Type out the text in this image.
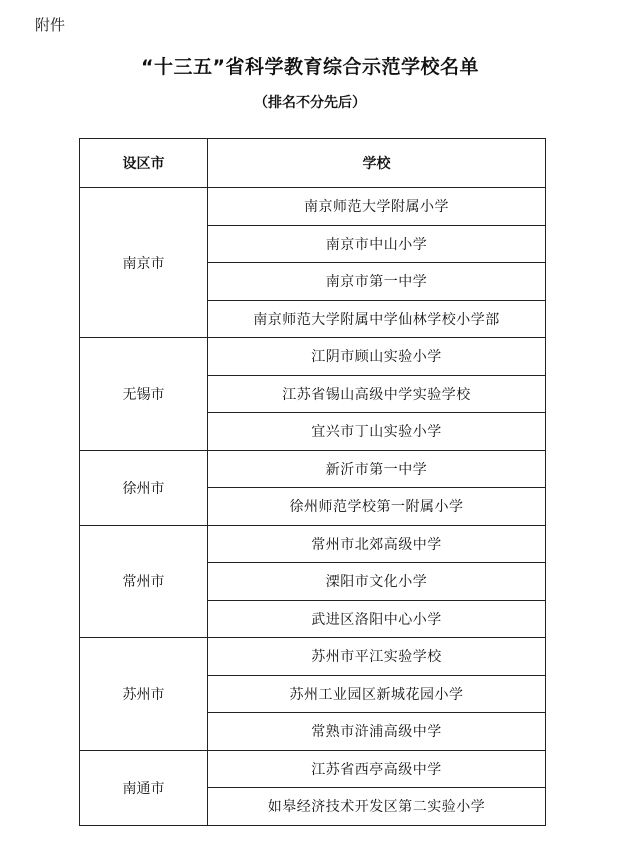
附件
“十三五”省科学教育综合示范学校名单
（排名不分先后）
设区市	学校
南京市	南京师范大学附属小学
	南京市中山小学
	南京市第一中学
	南京师范大学附属中学仙林学校小学部
无锡市	江阴市顾山实验小学
	江苏省锡山高级中学实验学校
	宜兴市丁山实验小学
徐州市	新沂市第一中学
	徐州师范学校第一附属小学
常州市	常州市北郊高级中学
	溧阳市文化小学
	武进区洛阳中心小学
苏州市	苏州市平江实验学校
	苏州工业园区新城花园小学
	常熟市浒浦高级中学
南通市	江苏省西亭高级中学
	如皋经济技术开发区第二实验小学
